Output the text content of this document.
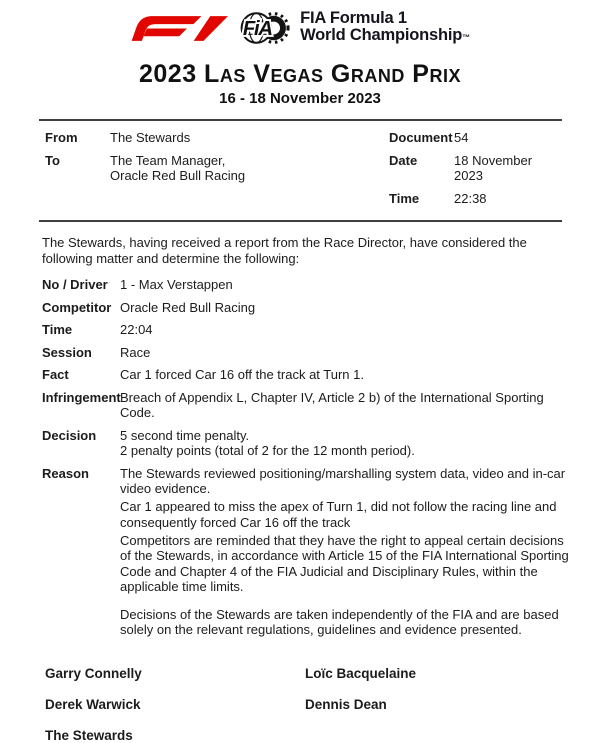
FiA
FIA Formula 1
World Championship™
2023 Las Vegas Grand Prix
16 - 18 November 2023
From	The Stewards
To	The Team Manager,
Oracle Red Bull Racing
Document 54
Date	18 November 2023
Time	22:38

The Stewards, having received a report from the Race Director, have considered the following matter and determine the following:

No / Driver 1 - Max Verstappen
Competitor Oracle Red Bull Racing
Time	22:04
Session	Race
Fact	Car 1 forced Car 16 off the track at Turn 1.
Infringement Breach of Appendix L, Chapter IV, Article 2 b) of the International Sporting Code.
Decision	5 second time penalty.
2 penalty points (total of 2 for the 12 month period).
Reason	The Stewards reviewed positioning/marshalling system data, video and in-car video evidence.

Car 1 appeared to miss the apex of Turn 1, did not follow the racing line and consequently forced Car 16 off the track

Competitors are reminded that they have the right to appeal certain decisions of the Stewards, in accordance with Article 15 of the FIA International Sporting Code and Chapter 4 of the FIA Judicial and Disciplinary Rules, within the applicable time limits.

Decisions of the Stewards are taken independently of the FIA and are based solely on the relevant regulations, guidelines and evidence presented.

Garry Connelly	Loïc Bacquelaine
Derek Warwick	Dennis Dean
The Stewards
